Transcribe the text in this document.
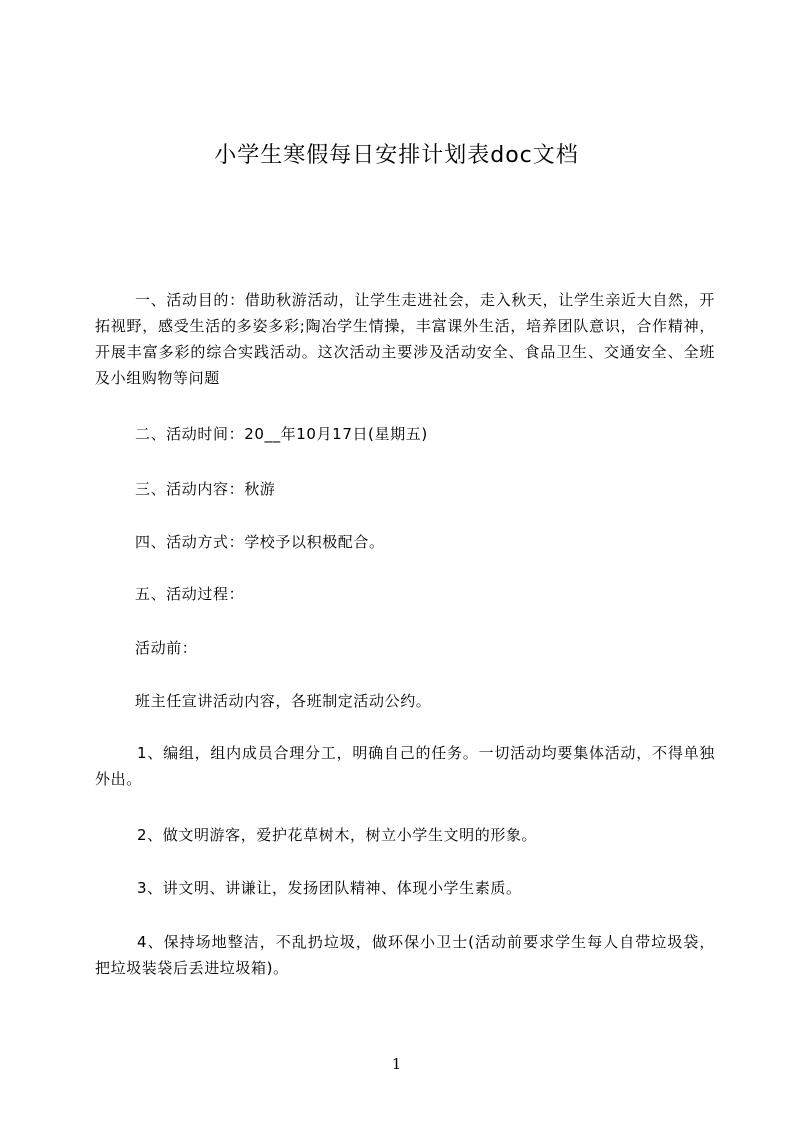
小学生寒假每日安排计划表doc文档
一、活动目的：借助秋游活动，让学生走进社会，走入秋天，让学生亲近大自然，开拓视野，感受生活的多姿多彩;陶冶学生情操，丰富课外生活，培养团队意识，合作精神，开展丰富多彩的综合实践活动。这次活动主要涉及活动安全、食品卫生、交通安全、全班及小组购物等问题
二、活动时间：20__年10月17日(星期五)
三、活动内容：秋游
四、活动方式：学校予以积极配合。
五、活动过程：
活动前：
班主任宣讲活动内容，各班制定活动公约。
1、编组，组内成员合理分工，明确自己的任务。一切活动均要集体活动，不得单独外出。
2、做文明游客，爱护花草树木，树立小学生文明的形象。
3、讲文明、讲谦让，发扬团队精神、体现小学生素质。
4、保持场地整洁，不乱扔垃圾，做环保小卫士(活动前要求学生每人自带垃圾袋，把垃圾装袋后丢进垃圾箱)。
1
